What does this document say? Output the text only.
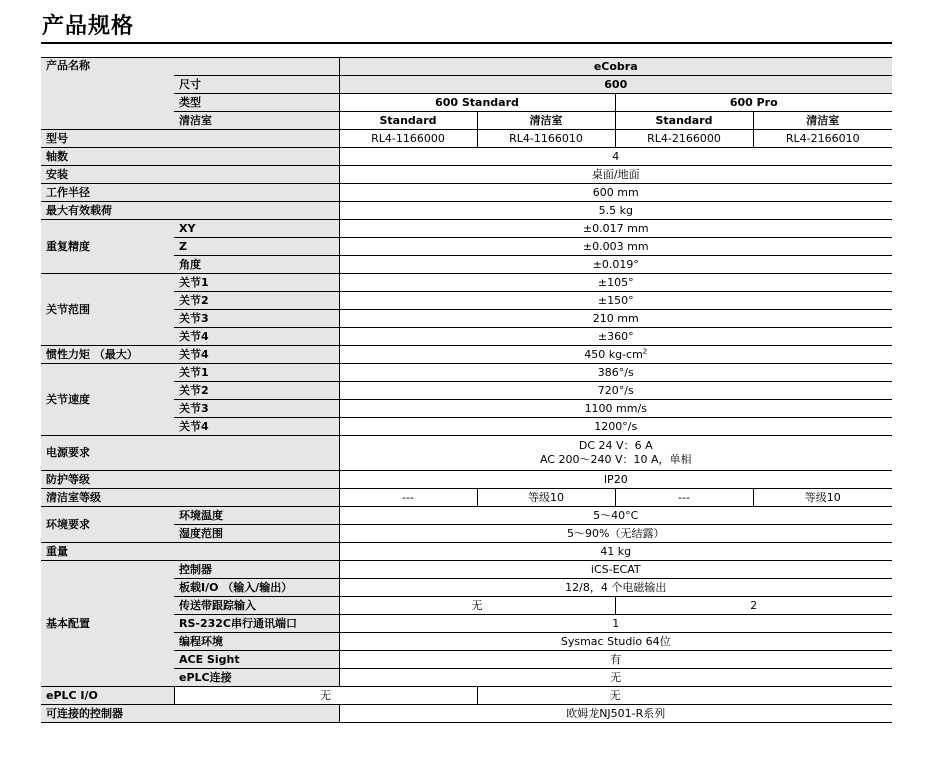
产品规格
产品名称		eCobra			
	尺寸	600			
	类型	600 Standard		600 Pro	
	清洁室	Standard	清洁室	Standard	清洁室
型号		RL4-1166000	RL4-1166010	RL4-2166000	RL4-2166010
轴数		4			
安装		桌面/地面			
工作半径		600 mm			
最大有效载荷		5.5 kg			
重复精度	XY	±0.017 mm			
	Z	±0.003 mm			
	角度	±0.019°			
关节范围	关节1	±105°			
	关节2	±150°			
	关节3	210 mm			
	关节4	±360°			
惯性力矩 （最大）	关节4	450 $kg-cm^2$
关节速度	关节1	386°/s			
	关节2	720°/s			
	关节3	1100 mm/s			
	关节4	1200°/s			
电源要求		DC 24 V：6 A
AC 200～240 V：10 A，单相			

防护等级		IP20			
清洁室等级		---	等级10	---	等级10
环境要求	环境温度	5～40°C			
	湿度范围	5～90%（无结露）			
重量		41 kg			
基本配置	控制器	iCS-ECAT			
	板载I/O （输入/输出）	12/8，4 个电磁输出			
	传送带跟踪输入	无		2	
	RS-232C串行通讯端口	1			
	编程环境	Sysmac Studio 64位			
	ACE Sight	有			
	ePLC连接	无			
ePLC I/O	无		无		
可连接的控制器		欧姆龙NJ501-R系列			
